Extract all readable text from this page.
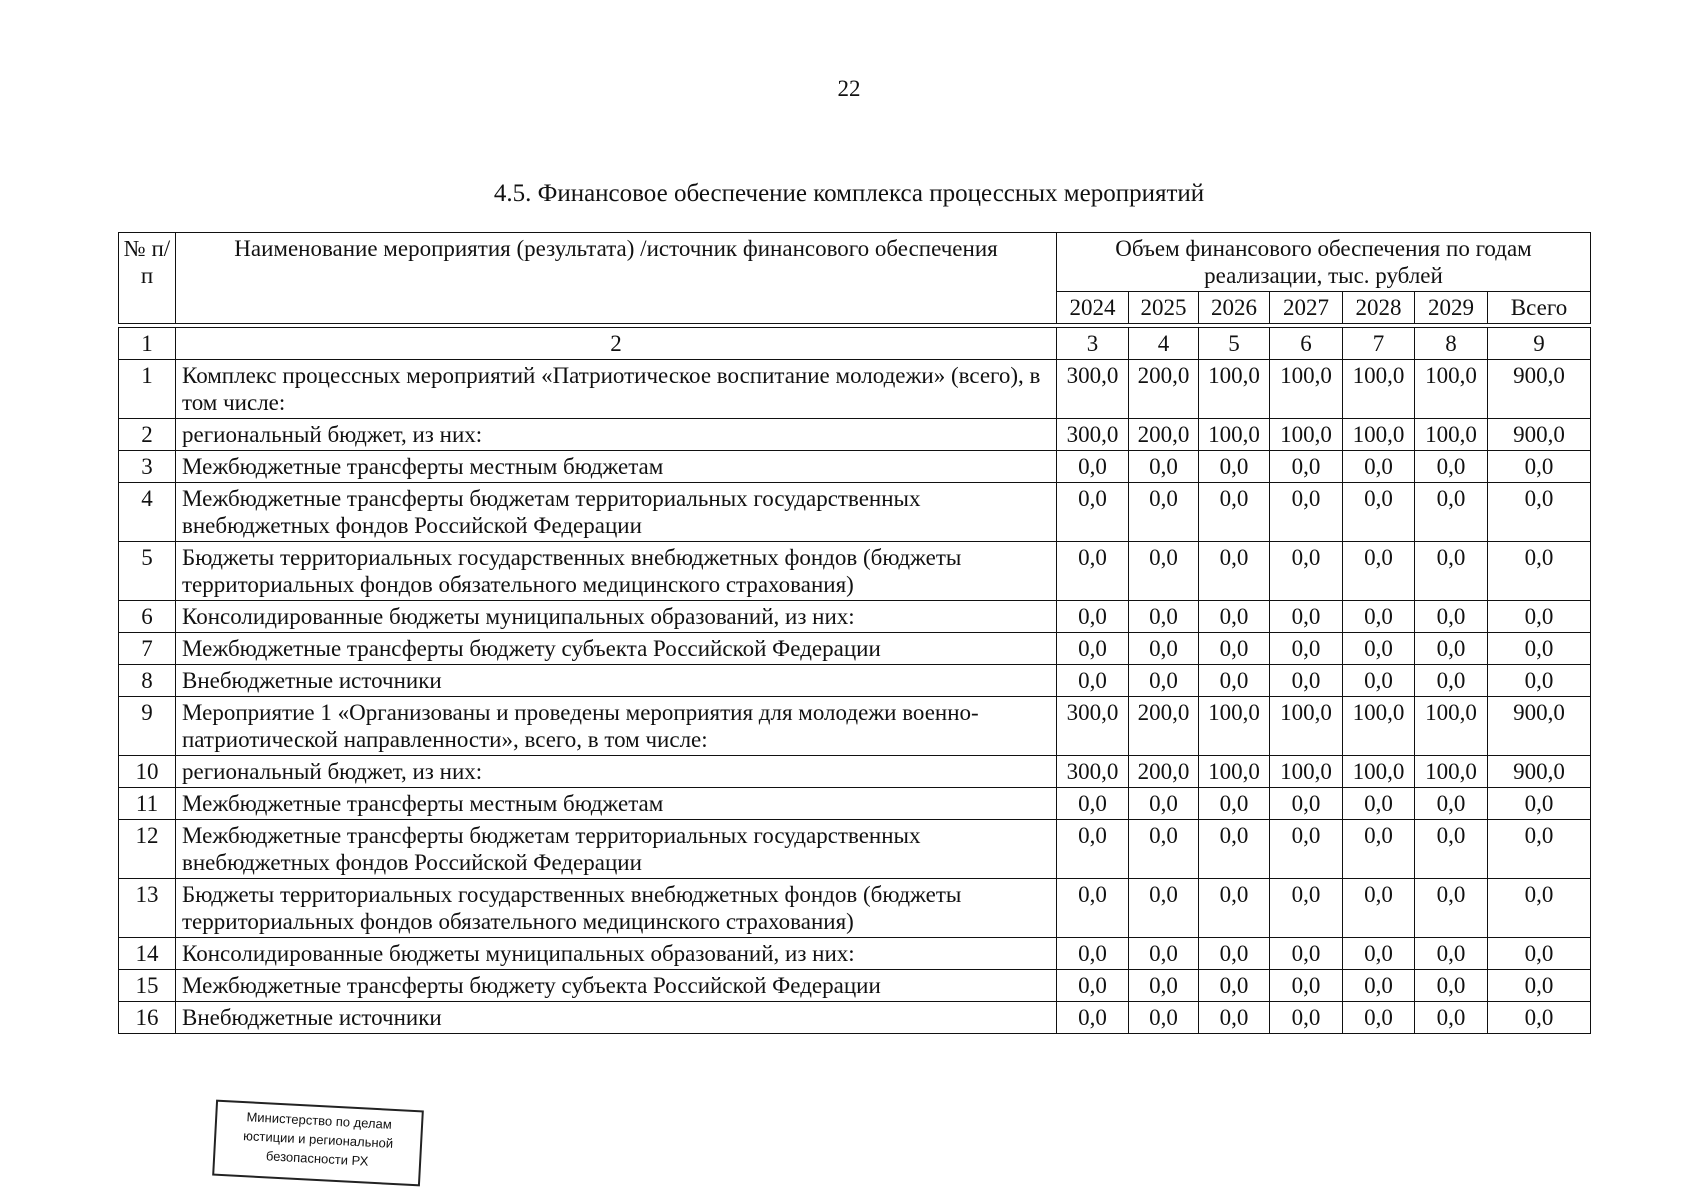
22
4.5. Финансовое обеспечение комплекса процессных мероприятий
№ п/п	Наименование мероприятия (результата) /источник финансового обеспечения	Объем финансового обеспечения по годам реализации, тыс. рублей						
		2024	2025	2026	2027	2028	2029	Всего

1	2	3	4	5	6	7	8	9
1	Комплекс процессных мероприятий «Патриотическое воспитание молодежи» (всего), в том числе:	300,0	200,0	100,0	100,0	100,0	100,0	900,0
2	региональный бюджет, из них:	300,0	200,0	100,0	100,0	100,0	100,0	900,0
3	Межбюджетные трансферты местным бюджетам	0,0	0,0	0,0	0,0	0,0	0,0	0,0
4	Межбюджетные трансферты бюджетам территориальных государственных внебюджетных фондов Российской Федерации	0,0	0,0	0,0	0,0	0,0	0,0	0,0
5	Бюджеты территориальных государственных внебюджетных фондов (бюджеты территориальных фондов обязательного медицинского страхования)	0,0	0,0	0,0	0,0	0,0	0,0	0,0
6	Консолидированные бюджеты муниципальных образований, из них:	0,0	0,0	0,0	0,0	0,0	0,0	0,0
7	Межбюджетные трансферты бюджету субъекта Российской Федерации	0,0	0,0	0,0	0,0	0,0	0,0	0,0
8	Внебюджетные источники	0,0	0,0	0,0	0,0	0,0	0,0	0,0
9	Мероприятие 1 «Организованы и проведены мероприятия для молодежи военно-патриотической направленности», всего, в том числе:	300,0	200,0	100,0	100,0	100,0	100,0	900,0
10	региональный бюджет, из них:	300,0	200,0	100,0	100,0	100,0	100,0	900,0
11	Межбюджетные трансферты местным бюджетам	0,0	0,0	0,0	0,0	0,0	0,0	0,0
12	Межбюджетные трансферты бюджетам территориальных государственных внебюджетных фондов Российской Федерации	0,0	0,0	0,0	0,0	0,0	0,0	0,0
13	Бюджеты территориальных государственных внебюджетных фондов (бюджеты территориальных фондов обязательного медицинского страхования)	0,0	0,0	0,0	0,0	0,0	0,0	0,0
14	Консолидированные бюджеты муниципальных образований, из них:	0,0	0,0	0,0	0,0	0,0	0,0	0,0
15	Межбюджетные трансферты бюджету субъекта Российской Федерации	0,0	0,0	0,0	0,0	0,0	0,0	0,0
16	Внебюджетные источники	0,0	0,0	0,0	0,0	0,0	0,0	0,0
Министерство по делам
юстиции и региональной
безопасности РХ
